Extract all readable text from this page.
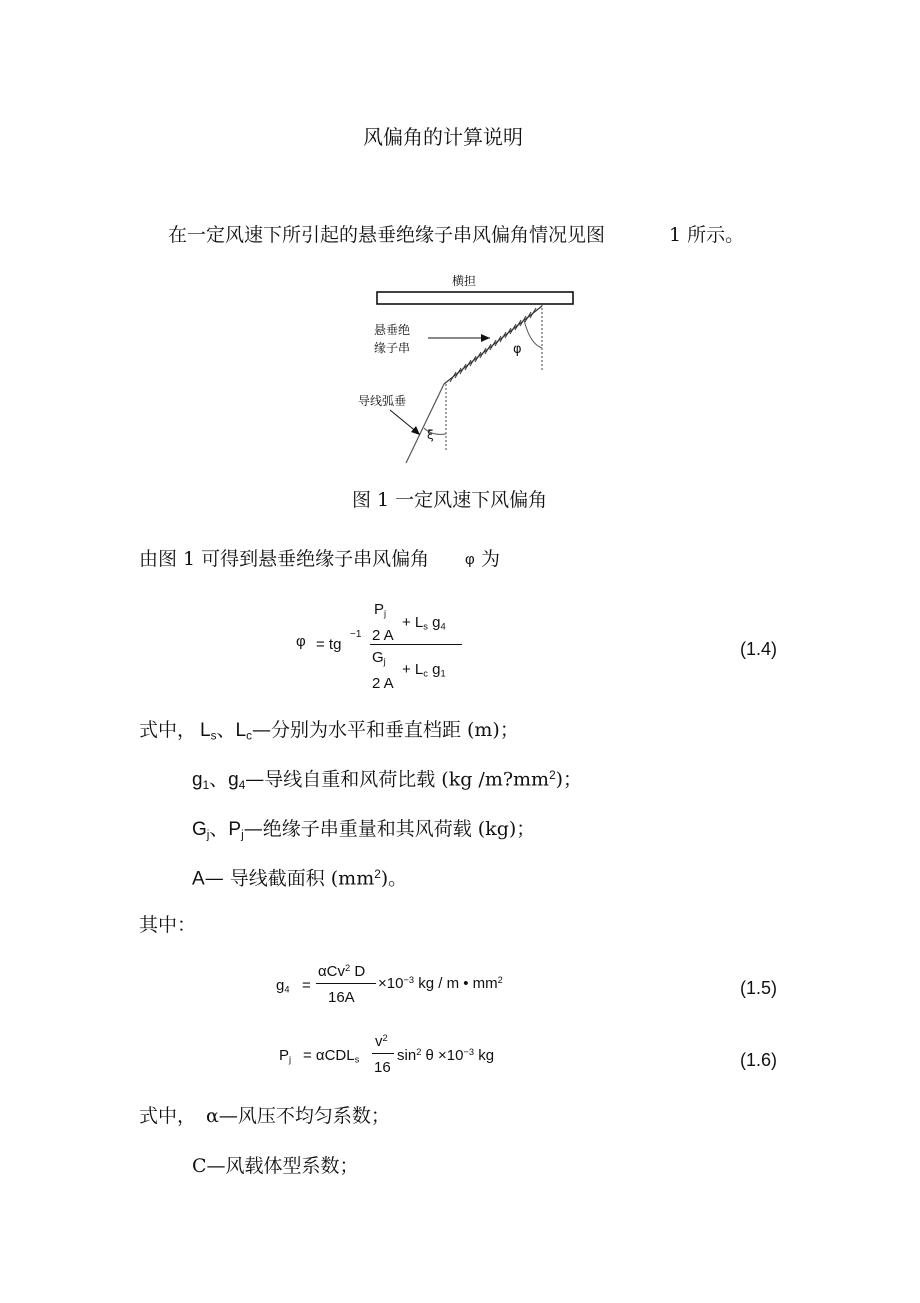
风偏角的计算说明
在一定风速下所引起的悬垂绝缘子串风偏角情况见图	1 所示。
横担
悬垂绝
缘子串
导线弧垂
φ
ξ
图 1 一定风速下风偏角
由图 1 可得到悬垂绝缘子串风偏角 φ 为
φ = tg
−1
$P_j$
+ $L_s$ $g_4$
2 A
$G_j + L_c$ $g_1$
2 A
(1.4)
式中， $L_s$、$L_c—$分别为水平和垂直档距 (m)；
$g_1$、$g_4—$导线自重和风荷比载 (kg $/m?mm^2$)；
$G_j$、$P_j—$绝缘子串重量和其风荷载 (kg)；
A— 导线截面积 $(mm^2)$。
其中：
$g_4$ =
αCv$^2$ D
16A
$\times 10^{-3}$ kg / m • $mm^2$	(1.5)
$P_j = \alpha CDL_s$
$v^2$
16
$\sin^2 \theta \times 10^{-3}$ kg	(1.6)
式中， α—风压不均匀系数；
C—风载体型系数；
